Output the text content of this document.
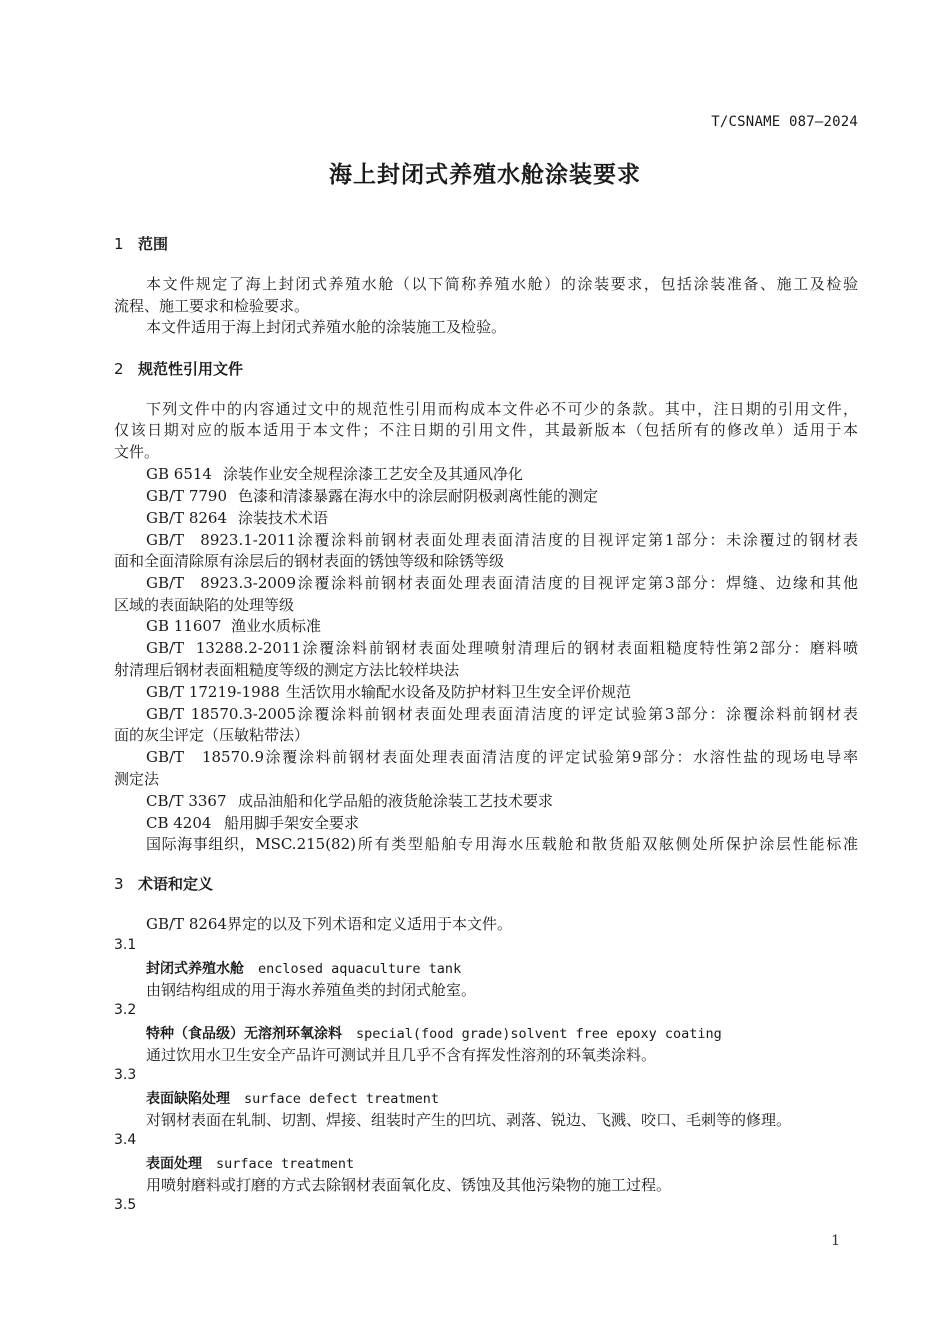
T/CSNAME 087—2024
海上封闭式养殖水舱涂装要求
1 范围
本文件规定了海上封闭式养殖水舱（以下简称养殖水舱）的涂装要求，包括涂装准备、施工及检验
流程、施工要求和检验要求。
本文件适用于海上封闭式养殖水舱的涂装施工及检验。
2 规范性引用文件
下列文件中的内容通过文中的规范性引用而构成本文件必不可少的条款。其中，注日期的引用文件，
仅该日期对应的版本适用于本文件；不注日期的引用文件，其最新版本（包括所有的修改单）适用于本
文件。
GB 6514 涂装作业安全规程涂漆工艺安全及其通风净化
GB/T 7790 色漆和清漆暴露在海水中的涂层耐阴极剥离性能的测定
GB/T 8264 涂装技术术语
GB/T 8923.1-2011涂覆涂料前钢材表面处理表面清洁度的目视评定第1部分：未涂覆过的钢材表
面和全面清除原有涂层后的钢材表面的锈蚀等级和除锈等级
GB/T 8923.3-2009涂覆涂料前钢材表面处理表面清洁度的目视评定第3部分：焊缝、边缘和其他
区域的表面缺陷的处理等级
GB 11607 渔业水质标准
GB/T 13288.2-2011涂覆涂料前钢材表面处理喷射清理后的钢材表面粗糙度特性第2部分：磨料喷
射清理后钢材表面粗糙度等级的测定方法比较样块法
GB/T 17219-1988 生活饮用水输配水设备及防护材料卫生安全评价规范
GB/T 18570.3-2005涂覆涂料前钢材表面处理表面清洁度的评定试验第3部分：涂覆涂料前钢材表
面的灰尘评定（压敏粘带法）
GB/T 18570.9涂覆涂料前钢材表面处理表面清洁度的评定试验第9部分：水溶性盐的现场电导率
测定法
CB/T 3367 成品油船和化学品船的液货舱涂装工艺技术要求
CB 4204 船用脚手架安全要求
国际海事组织，MSC.215(82)所有类型船舶专用海水压载舱和散货船双舷侧处所保护涂层性能标准
3 术语和定义
GB/T 8264界定的以及下列术语和定义适用于本文件。
3.1
封闭式养殖水舱 enclosed aquaculture tank
由钢结构组成的用于海水养殖鱼类的封闭式舱室。
3.2
特种（食品级）无溶剂环氧涂料 special(food grade)solvent free epoxy coating
通过饮用水卫生安全产品许可测试并且几乎不含有挥发性溶剂的环氧类涂料。
3.3
表面缺陷处理 surface defect treatment
对钢材表面在轧制、切割、焊接、组装时产生的凹坑、剥落、锐边、飞溅、咬口、毛刺等的修理。
3.4
表面处理 surface treatment
用喷射磨料或打磨的方式去除钢材表面氧化皮、锈蚀及其他污染物的施工过程。
3.5
1
